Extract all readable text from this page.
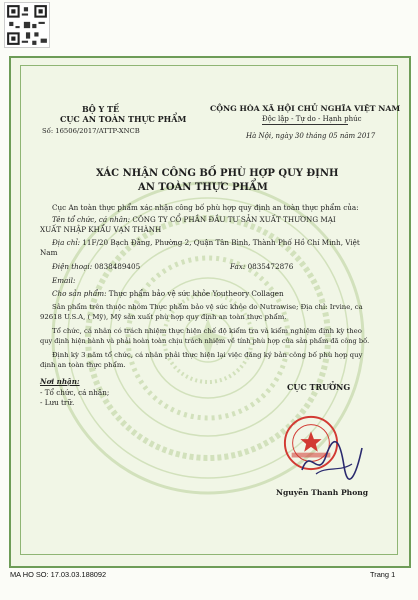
BỘ Y TẾ

CỤC AN TOÀN THỰC PHẨM

Số: 16506/2017/ATTP-XNCB

CỘNG HÒA XÃ HỘI CHỦ NGHĨA VIỆT NAM

Độc lập - Tự do - Hạnh phúc

Hà Nội, ngày 30 tháng 05 năm 2017

XÁC NHẬN CÔNG BỐ PHÙ HỢP QUY ĐỊNH

AN TOÀN THỰC PHẨM

Cục An toàn thực phẩm xác nhận công bố phù hợp quy định an toàn thực phẩm của:

Tên tổ chức, cá nhân: CÔNG TY CỔ PHẦN ĐẦU TƯ SẢN XUẤT THƯƠNG MẠI

XUẤT NHẬP KHẨU VẠN THÀNH

Địa chỉ: 11F/20 Bạch Đằng, Phường 2, Quận Tân Bình, Thành Phố Hồ Chí Minh, Việt

Nam

Điện thoại: 0838489405	Fax: 0835472876

Email:

Cho sản phẩm: Thực phẩm bảo vệ sức khỏe Youtheory Collagen

Sản phẩm trên thuộc nhóm Thực phẩm bảo vệ sức khỏe do Nutrawise; Địa chỉ: Irvine, ca

92618 U.S.A, ( Mỹ), Mỹ sản xuất phù hợp quy định an toàn thực phẩm.

Tổ chức, cá nhân có trách nhiệm thực hiện chế độ kiểm tra và kiểm nghiệm định kỳ theo

quy định hiện hành và phải hoàn toàn chịu trách nhiệm về tính phù hợp của sản phẩm đã công bố.

Định kỳ 3 năm tổ chức, cá nhân phải thực hiện lại việc đăng ký bản công bố phù hợp quy

định an toàn thực phẩm.

Nơi nhận:

- Tổ chức, cá nhân;

- Lưu trữ.

CỤC TRƯỞNG

Nguyễn Thanh Phong

MA HO SO: 17.03.03.188092	Trang 1
